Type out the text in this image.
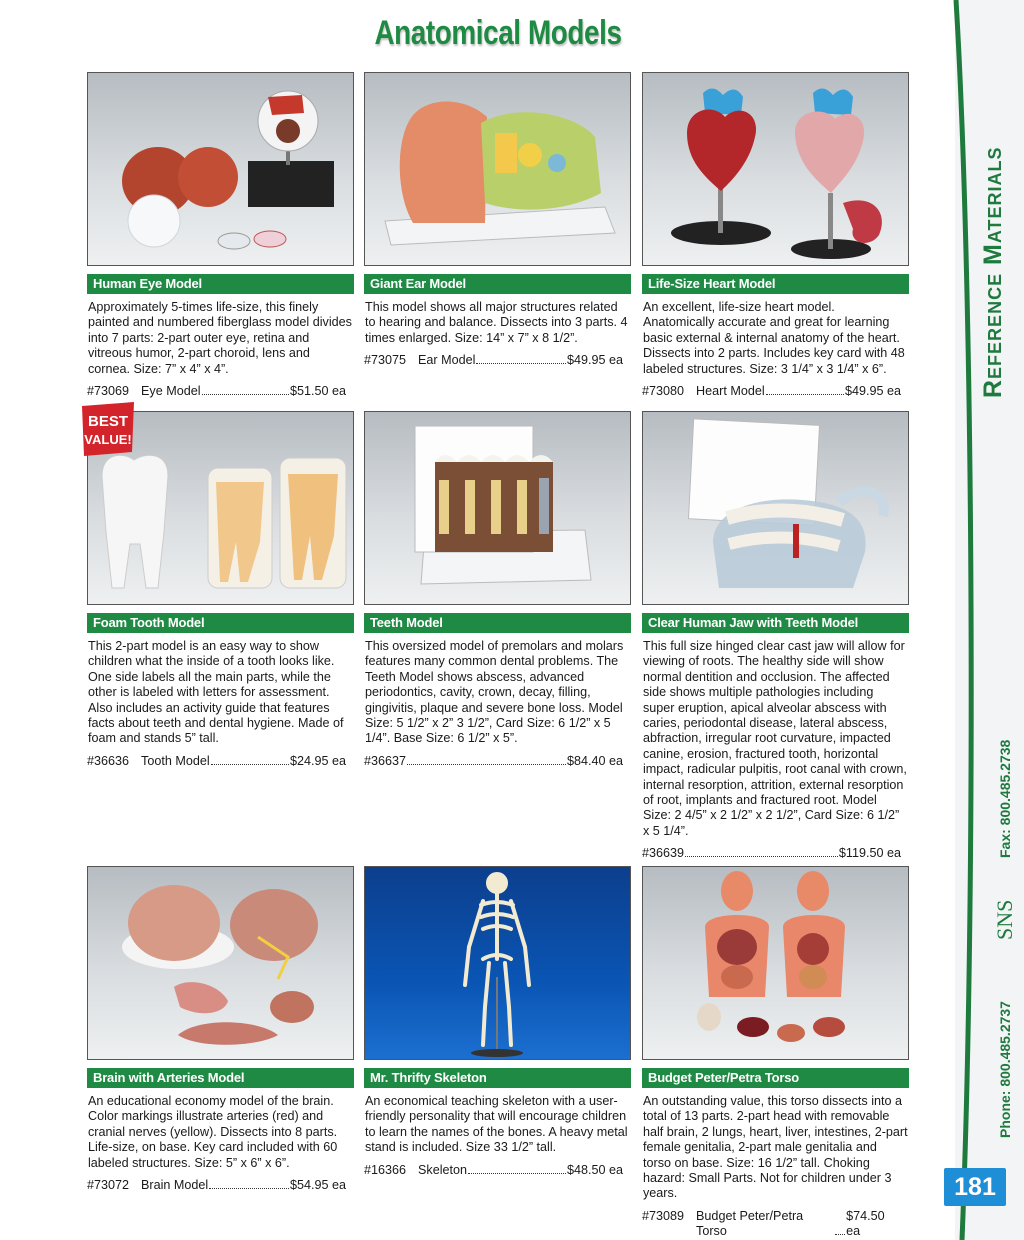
Anatomical Models
Reference Materials
Fax: 800.485.2738
SNS
Phone: 800.485.2737
181
Human Eye Model

Approximately 5-times life-size, this finely painted and numbered fiberglass model divides into 7 parts: 2-part outer eye, retina and vitreous humor, 2-part choroid, lens and cornea. Size: 7” x 4” x 4”.

#73069 Eye Model	$51.50 ea
Giant Ear Model

This model shows all major structures related to hearing and balance. Dissects into 3 parts. 4 times enlarged. Size: 14” x 7” x 8 1/2”.

#73075 Ear Model	$49.95 ea
Life-Size Heart Model

An excellent, life-size heart model. Anatomically accurate and great for learning basic external & internal anatomy of the heart. Dissects into 2 parts. Includes key card with 48 labeled structures. Size: 3 1/4” x 3 1/4” x 6”.

#73080 Heart Model	$49.95 ea
Foam Tooth Model

This 2-part model is an easy way to show children what the inside of a tooth looks like. One side labels all the main parts, while the other is labeled with letters for assessment. Also includes an activity guide that features facts about teeth and dental hygiene. Made of foam and stands 5” tall.

#36636 Tooth Model	$24.95 ea
Teeth Model

This oversized model of premolars and molars features many common dental problems. The Teeth Model shows abscess, advanced periodontics, cavity, crown, decay, filling, gingivitis, plaque and severe bone loss. Model Size: 5 1/2” x 2” 3 1/2”, Card Size: 6 1/2” x 5 1/4”. Base Size: 6 1/2” x 5”.

#36637	$84.40 ea
Clear Human Jaw with Teeth Model

This full size hinged clear cast jaw will allow for viewing of roots. The healthy side will show normal dentition and occlusion. The affected side shows multiple pathologies including super eruption, apical alveolar abscess with caries, periodontal disease, lateral abscess, abfraction, irregular root curvature, impacted canine, erosion, fractured tooth, horizontal impact, radicular pulpitis, root canal with crown, internal resorption, attrition, external resorption of root, implants and fractured root. Model Size: 2 4/5” x 2 1/2” x 2 1/2”, Card Size: 6 1/2” x 5 1/4”.

#36639	$119.50 ea
Brain with Arteries Model

An educational economy model of the brain. Color markings illustrate arteries (red) and cranial nerves (yellow). Dissects into 8 parts. Life-size, on base. Key card included with 60 labeled structures. Size: 5” x 6” x 6”.

#73072 Brain Model	$54.95 ea
Mr. Thrifty Skeleton

An economical teaching skeleton with a user-friendly personality that will encourage children to learn the names of the bones. A heavy metal stand is included. Size 33 1/2” tall.

#16366 Skeleton	$48.50 ea
Budget Peter/Petra Torso

An outstanding value, this torso dissects into a total of 13 parts. 2-part head with removable half brain, 2 lungs, heart, liver, intestines, 2-part female genitalia, 2-part male genitalia and torso on base. Size: 16 1/2” tall. Choking hazard: Small Parts. Not for children under 3 years.

#73089 Budget Peter/Petra Torso
$74.50 ea
BEST
VALUE!
